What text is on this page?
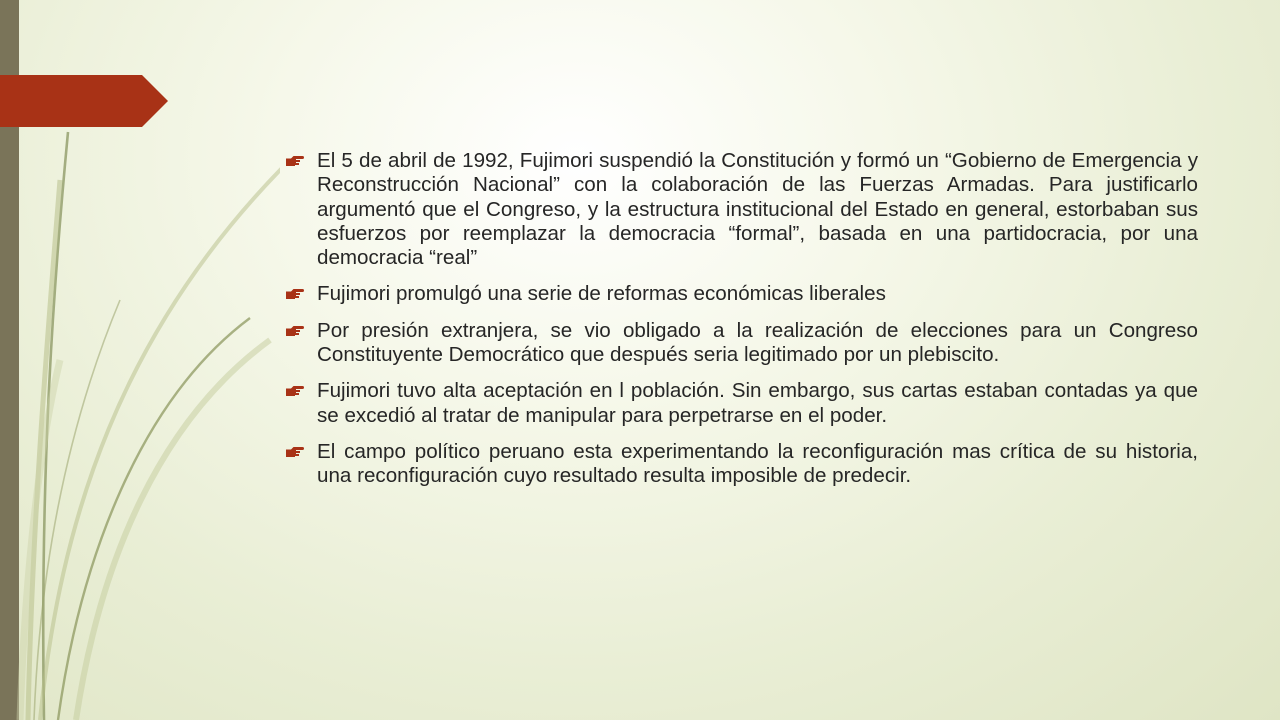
El 5 de abril de 1992, Fujimori suspendió la Constitución y formó un “Gobierno de Emergencia y Reconstrucción Nacional” con la colaboración de las Fuerzas Armadas. Para justificarlo argumentó que el Congreso, y la estructura institucional del Estado en general, estorbaban sus esfuerzos por reemplazar la democracia “formal”, basada en una partidocracia, por una democracia “real”
Fujimori promulgó una serie de reformas económicas liberales
Por presión extranjera, se vio obligado a la realización de elecciones para un Congreso Constituyente Democrático que después seria legitimado por un plebiscito.
Fujimori tuvo alta aceptación en l población. Sin embargo, sus cartas estaban contadas ya que se excedió al tratar de manipular para perpetrarse en el poder.
El campo político peruano esta experimentando la reconfiguración mas crítica de su historia, una reconfiguración cuyo resultado resulta imposible de predecir.
